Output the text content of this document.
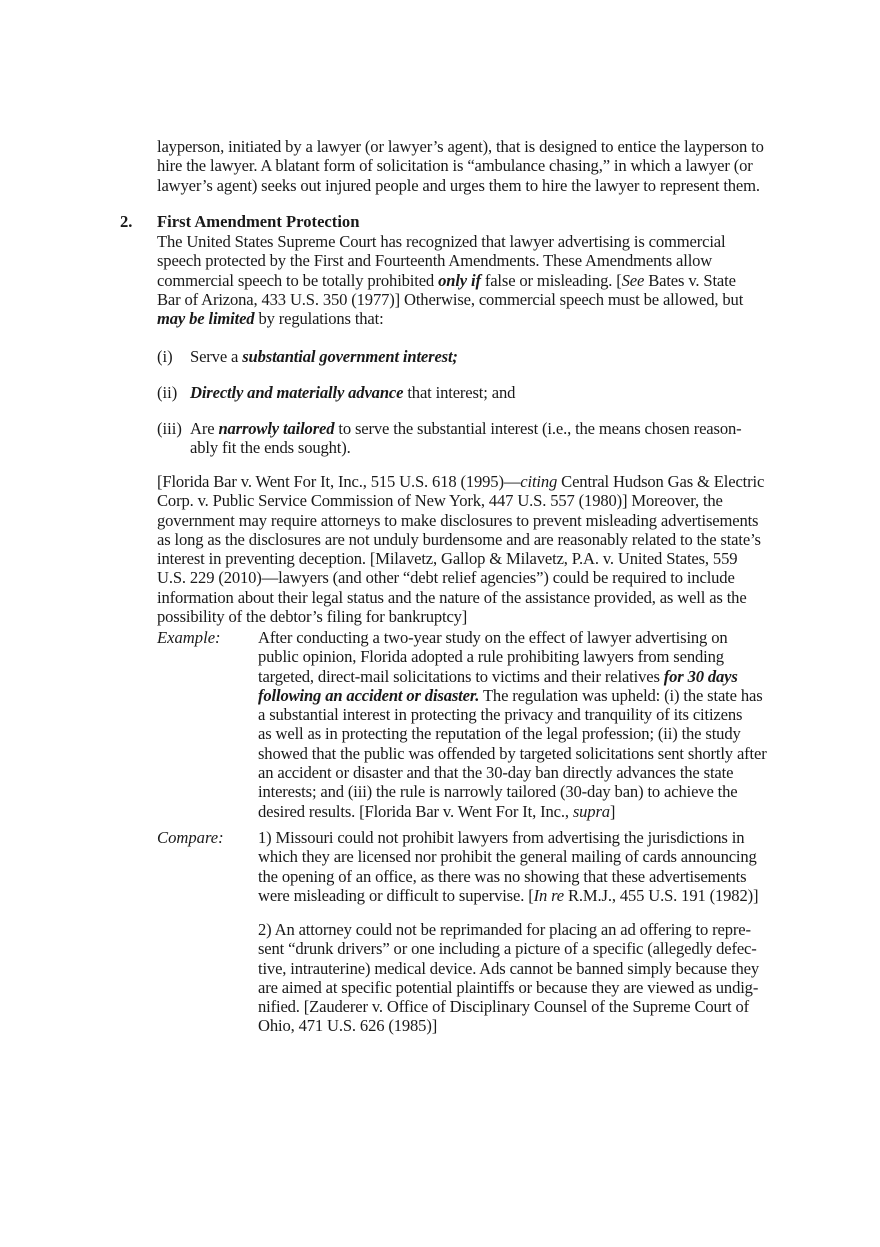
layperson, initiated by a lawyer (or lawyer’s agent), that is designed to entice the layperson to
hire the lawyer. A blatant form of solicitation is “ambulance chasing,” in which a lawyer (or
lawyer’s agent) seeks out injured people and urges them to hire the lawyer to represent them.
2. First Amendment Protection
The United States Supreme Court has recognized that lawyer advertising is commercial
speech protected by the First and Fourteenth Amendments. These Amendments allow
commercial speech to be totally prohibited only if false or misleading. [See Bates v. State
Bar of Arizona, 433 U.S. 350 (1977)] Otherwise, commercial speech must be allowed, but
may be limited by regulations that:
(i) Serve a substantial government interest;
(ii) Directly and materially advance that interest; and
(iii) Are narrowly tailored to serve the substantial interest (i.e., the means chosen reason-
ably fit the ends sought).
[Florida Bar v. Went For It, Inc., 515 U.S. 618 (1995)—citing Central Hudson Gas & Electric
Corp. v. Public Service Commission of New York, 447 U.S. 557 (1980)] Moreover, the
government may require attorneys to make disclosures to prevent misleading advertisements
as long as the disclosures are not unduly burdensome and are reasonably related to the state’s
interest in preventing deception. [Milavetz, Gallop & Milavetz, P.A. v. United States, 559
U.S. 229 (2010)—lawyers (and other “debt relief agencies”) could be required to include
information about their legal status and the nature of the assistance provided, as well as the
possibility of the debtor’s filing for bankruptcy]
Example: After conducting a two-year study on the effect of lawyer advertising on
public opinion, Florida adopted a rule prohibiting lawyers from sending
targeted, direct-mail solicitations to victims and their relatives for 30 days
following an accident or disaster. The regulation was upheld: (i) the state has
a substantial interest in protecting the privacy and tranquility of its citizens
as well as in protecting the reputation of the legal profession; (ii) the study
showed that the public was offended by targeted solicitations sent shortly after
an accident or disaster and that the 30-day ban directly advances the state
interests; and (iii) the rule is narrowly tailored (30-day ban) to achieve the
desired results. [Florida Bar v. Went For It, Inc., supra]
Compare: 1) Missouri could not prohibit lawyers from advertising the jurisdictions in
which they are licensed nor prohibit the general mailing of cards announcing
the opening of an office, as there was no showing that these advertisements
were misleading or difficult to supervise. [In re R.M.J., 455 U.S. 191 (1982)]
2) An attorney could not be reprimanded for placing an ad offering to repre-
sent “drunk drivers” or one including a picture of a specific (allegedly defec-
tive, intrauterine) medical device. Ads cannot be banned simply because they
are aimed at specific potential plaintiffs or because they are viewed as undig-
nified. [Zauderer v. Office of Disciplinary Counsel of the Supreme Court of
Ohio, 471 U.S. 626 (1985)]
